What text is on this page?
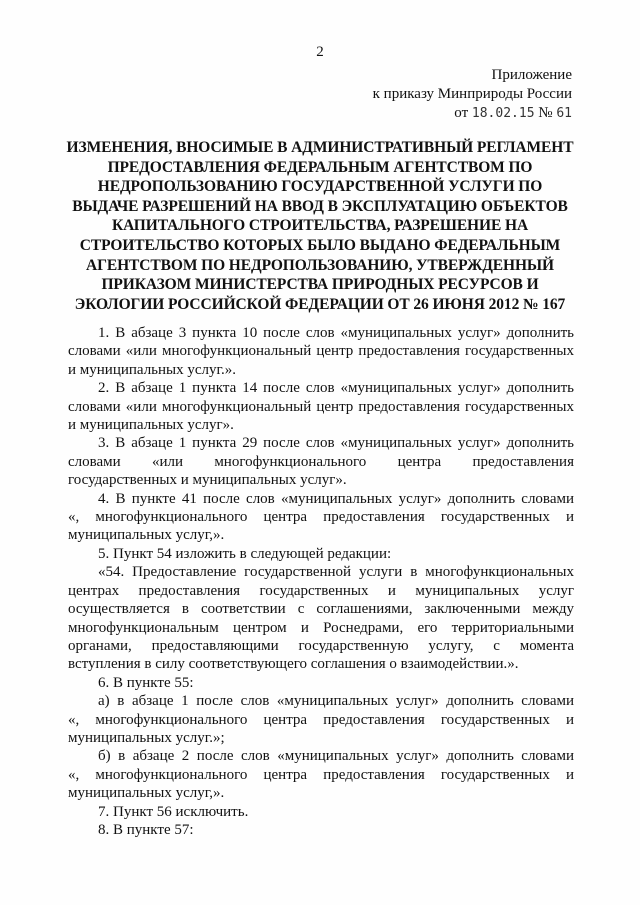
2
Приложение
к приказу Минприроды России
от 18.02.15 № 61
ИЗМЕНЕНИЯ, ВНОСИМЫЕ В АДМИНИСТРАТИВНЫЙ РЕГЛАМЕНТ
ПРЕДОСТАВЛЕНИЯ ФЕДЕРАЛЬНЫМ АГЕНТСТВОМ ПО
НЕДРОПОЛЬЗОВАНИЮ ГОСУДАРСТВЕННОЙ УСЛУГИ ПО
ВЫДАЧЕ РАЗРЕШЕНИЙ НА ВВОД В ЭКСПЛУАТАЦИЮ ОБЪЕКТОВ
КАПИТАЛЬНОГО СТРОИТЕЛЬСТВА, РАЗРЕШЕНИЕ НА
СТРОИТЕЛЬСТВО КОТОРЫХ БЫЛО ВЫДАНО ФЕДЕРАЛЬНЫМ
АГЕНТСТВОМ ПО НЕДРОПОЛЬЗОВАНИЮ, УТВЕРЖДЕННЫЙ
ПРИКАЗОМ МИНИСТЕРСТВА ПРИРОДНЫХ РЕСУРСОВ И
ЭКОЛОГИИ РОССИЙСКОЙ ФЕДЕРАЦИИ ОТ 26 ИЮНЯ 2012 № 167
1. В абзаце 3 пункта 10 после слов «муниципальных услуг» дополнить
словами «или многофункциональный центр предоставления государственных
и муниципальных услуг.».
2. В абзаце 1 пункта 14 после слов «муниципальных услуг» дополнить
словами «или многофункциональный центр предоставления государственных
и муниципальных услуг».
3. В абзаце 1 пункта 29 после слов «муниципальных услуг» дополнить
словами «или многофункционального центра предоставления
государственных и муниципальных услуг».
4. В пункте 41 после слов «муниципальных услуг» дополнить словами
«, многофункционального центра предоставления государственных и
муниципальных услуг,».
5. Пункт 54 изложить в следующей редакции:
«54. Предоставление государственной услуги в многофункциональных
центрах предоставления государственных и муниципальных услуг
осуществляется в соответствии с соглашениями, заключенными между
многофункциональным центром и Роснедрами, его территориальными
органами, предоставляющими государственную услугу, с момента
вступления в силу соответствующего соглашения о взаимодействии.».
6. В пункте 55:
а) в абзаце 1 после слов «муниципальных услуг» дополнить словами
«, многофункционального центра предоставления государственных и
муниципальных услуг.»;
б) в абзаце 2 после слов «муниципальных услуг» дополнить словами
«, многофункционального центра предоставления государственных и
муниципальных услуг,».
7. Пункт 56 исключить.
8. В пункте 57:
